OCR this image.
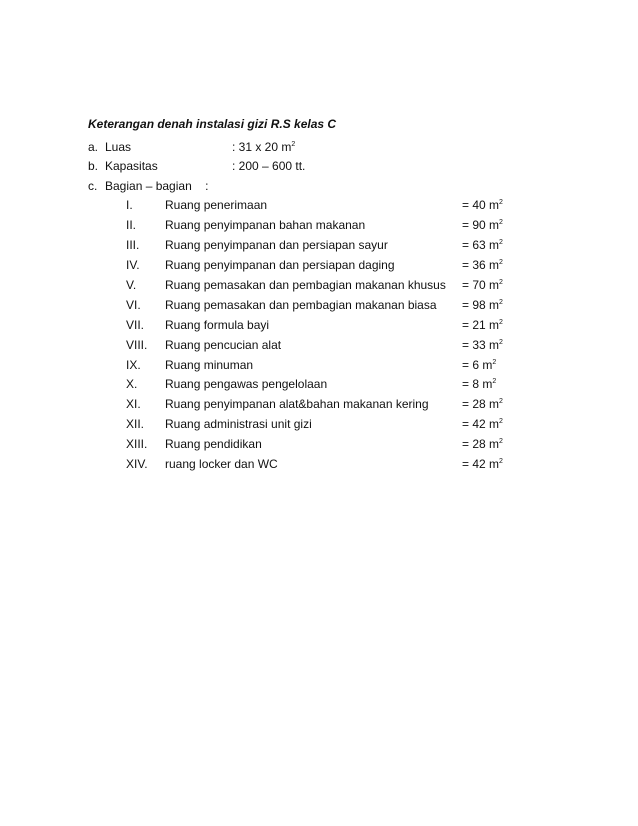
Keterangan denah instalasi gizi R.S kelas C
a. Luas	: 31 x 20 $m^2$
b. Kapasitas	: 200 – 600 tt.
c. Bagian – bagian    :
I.	Ruang penerimaan	= 40 $m^2$
II. Ruang penyimpanan bahan makanan	= 90 $m^2$
III. Ruang penyimpanan dan persiapan sayur	= 63 $m^2$
IV. Ruang penyimpanan dan persiapan daging	= 36 $m^2$
V. Ruang pemasakan dan pembagian makanan khusus = 70 $m^2$
VI. Ruang pemasakan dan pembagian makanan biasa = 98 $m^2$
VII. Ruang formula bayi	= 21 $m^2$
VIII. Ruang pencucian alat	= 33 $m^2$
IX. Ruang minuman	= 6 $m^2$
X. Ruang pengawas pengelolaan	= 8 $m^2$
XI. Ruang penyimpanan alat&bahan makanan kering	= 28 $m^2$
XII. Ruang administrasi unit gizi	= 42 $m^2$
XIII. Ruang pendidikan	= 28 $m^2$
XIV. ruang locker dan WC	= 42 $m^2$
